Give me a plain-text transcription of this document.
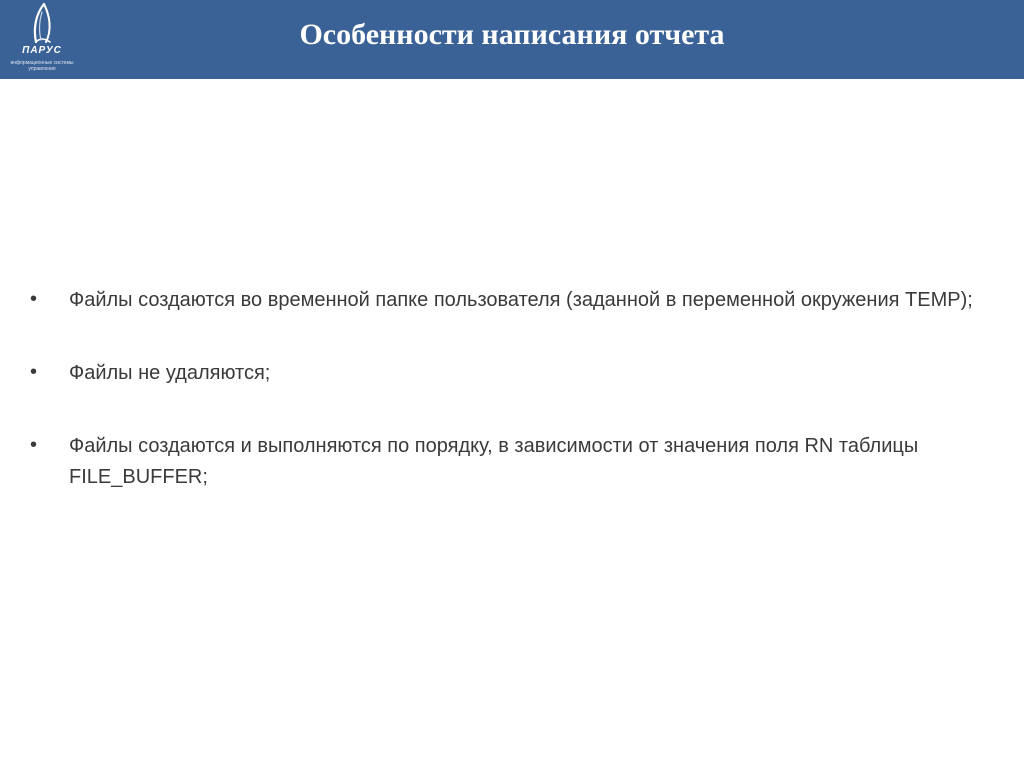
ПАРУС
информационные системы
управления
Особенности написания отчета
• Файлы создаются во временной папке пользователя (заданной в переменной окружения TEMP);
• Файлы не удаляются;
• Файлы создаются и выполняются по порядку, в зависимости от значения поля RN таблицы FILE_BUFFER;
